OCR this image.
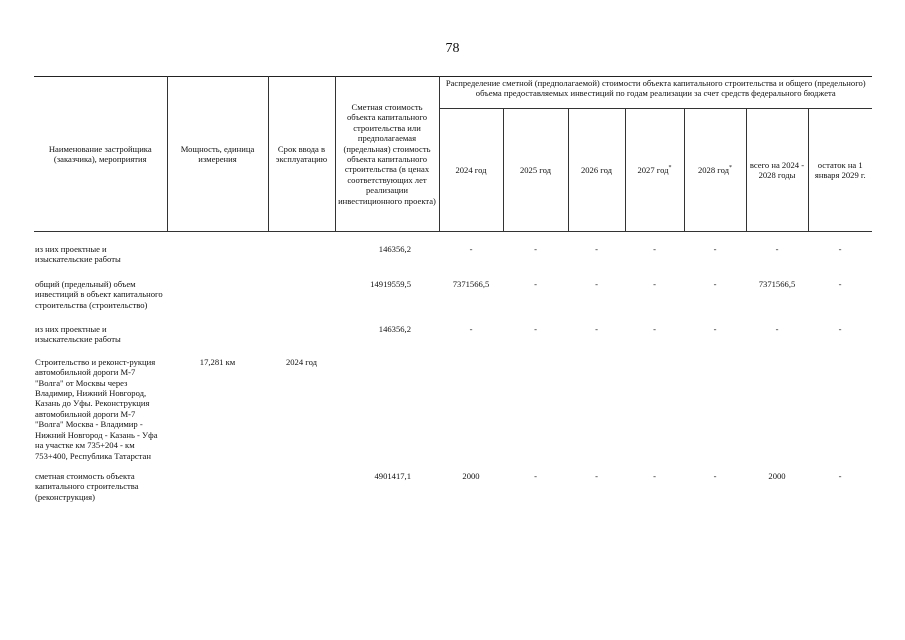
78
Наименование застройщика (заказчика), мероприятия	Мощность, единица измерения	Срок ввода в эксплуатацию	Сметная стоимость объекта капитального строительства или предполагаемая (предельная) стоимость объекта капитального строительства (в ценах соответствующих лет реализации инвестиционного проекта)	Распределение сметной (предполагаемой) стоимости объекта капитального строительства и общего (предельного) объема предоставляемых инвестиций по годам реализации за счет средств федерального бюджета						
				2024 год	2025 год	2026 год	2027 год*	2028 год*	всего на 2024 - 2028 годы	остаток на 1 января 2029 г.

из них проектные и изыскательские работы			146356,2	-	-	-	-	-	-	-

общий (предельный) объем инвестиций в объект капитального строительства (строительство)			14919559,5	7371566,5	-	-	-	-	7371566,5	-

из них проектные и изыскательские работы			146356,2	-	-	-	-	-	-	-

Строительство и реконст-рукция автомобильной дороги М-7 "Волга" от Москвы через Владимир, Нижний Новгород, Казань до Уфы. Реконструкция автомобильной дороги М-7 "Волга" Москва - Владимир - Нижний Новгород - Казань - Уфа на участке км 735+204 - км 753+400, Республика Татарстан	17,281 км	2024 год								

сметная стоимость объекта капитального строительства (реконструкция)			4901417,1	2000	-	-	-	-	2000	-
